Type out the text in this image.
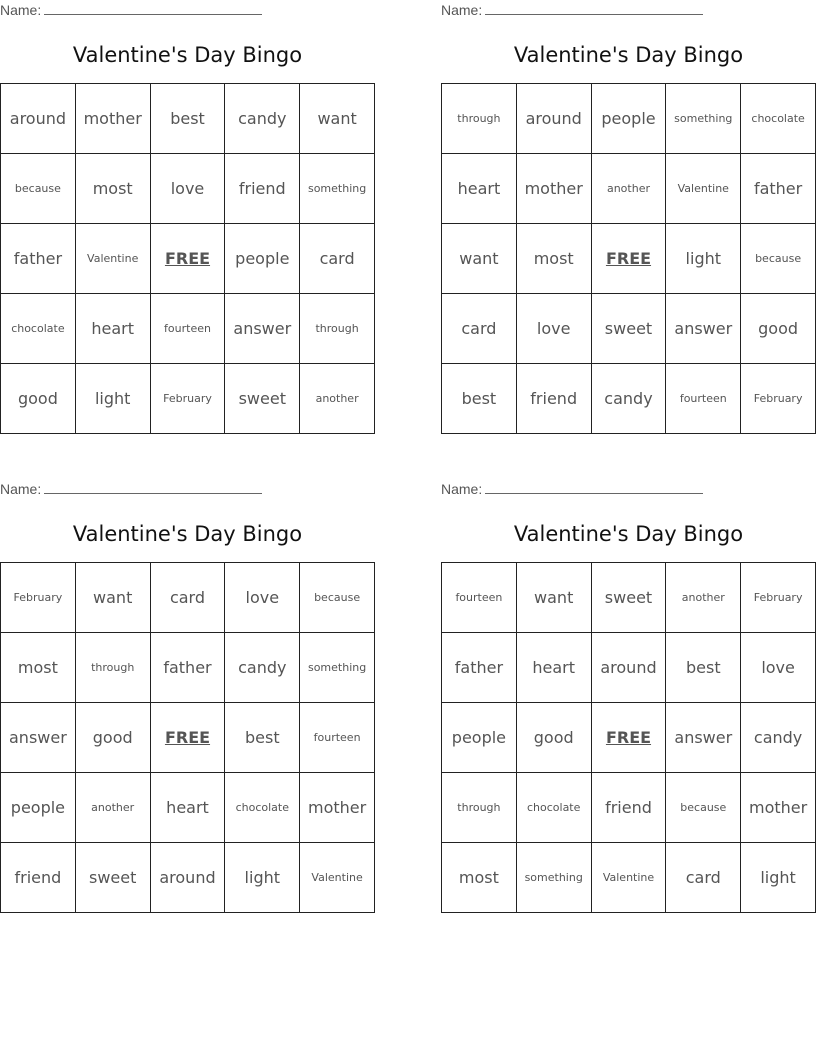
Name:
Valentine's Day Bingo
around	mother	best	candy	want
because	most	love	friend	something
father	Valentine	FREE	people	card
chocolate	heart	fourteen	answer	through
good	light	February	sweet	another
Name:
Valentine's Day Bingo
through	around	people	something	chocolate
heart	mother	another	Valentine	father
want	most	FREE	light	because
card	love	sweet	answer	good
best	friend	candy	fourteen	February
Name:
Valentine's Day Bingo
February	want	card	love	because
most	through	father	candy	something
answer	good	FREE	best	fourteen
people	another	heart	chocolate	mother
friend	sweet	around	light	Valentine
Name:
Valentine's Day Bingo
fourteen	want	sweet	another	February
father	heart	around	best	love
people	good	FREE	answer	candy
through	chocolate	friend	because	mother
most	something	Valentine	card	light
